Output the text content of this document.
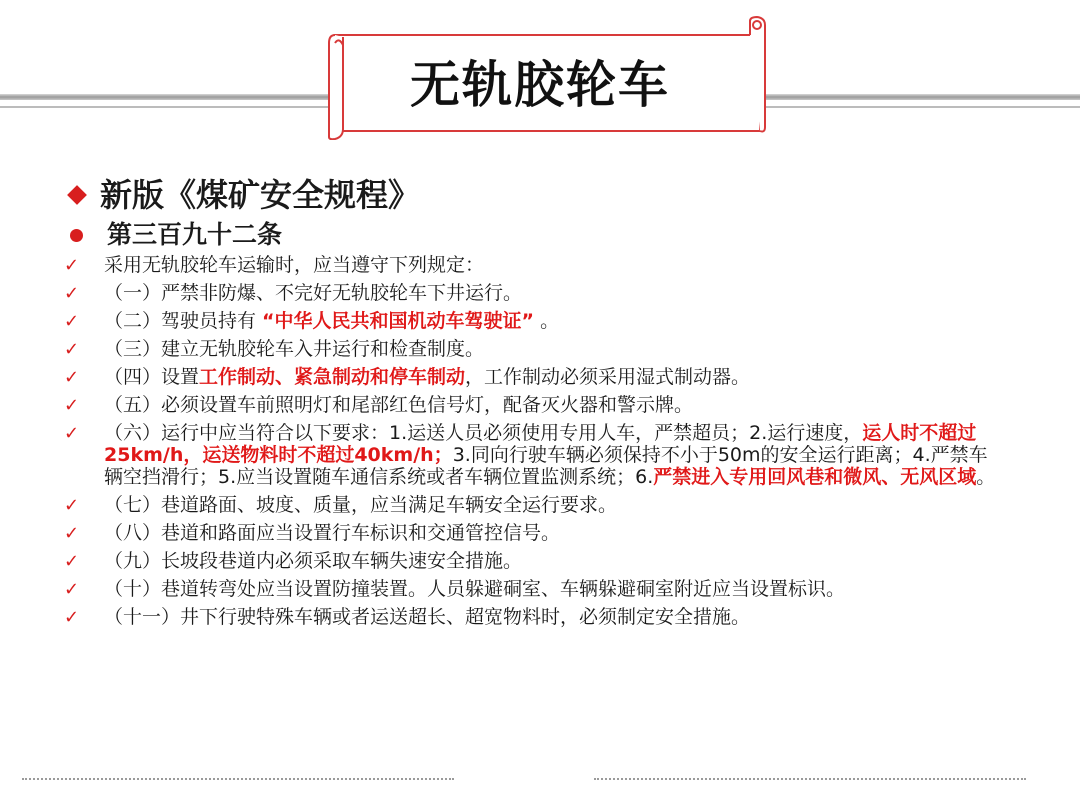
无轨胶轮车
新版《煤矿安全规程》
第三百九十二条
✓ 采用无轨胶轮车运输时，应当遵守下列规定：
✓ （一）严禁非防爆、不完好无轨胶轮车下井运行。
✓ （二）驾驶员持有 “中华人民共和国机动车驾驶证” 。
✓ （三）建立无轨胶轮车入井运行和检查制度。
✓ （四）设置工作制动、紧急制动和停车制动，工作制动必须采用湿式制动器。
✓ （五）必须设置车前照明灯和尾部红色信号灯，配备灭火器和警示牌。
✓ （六）运行中应当符合以下要求：1.运送人员必须使用专用人车，严禁超员；2.运行速度，运人时不超过25km/h，运送物料时不超过40km/h；3.同向行驶车辆必须保持不小于50m的安全运行距离；4.严禁车辆空挡滑行；5.应当设置随车通信系统或者车辆位置监测系统；6.严禁进入专用回风巷和微风、无风区域。
✓ （七）巷道路面、坡度、质量，应当满足车辆安全运行要求。
✓ （八）巷道和路面应当设置行车标识和交通管控信号。
✓ （九）长坡段巷道内必须采取车辆失速安全措施。
✓ （十）巷道转弯处应当设置防撞装置。人员躲避硐室、车辆躲避硐室附近应当设置标识。
✓ （十一）井下行驶特殊车辆或者运送超长、超宽物料时，必须制定安全措施。
